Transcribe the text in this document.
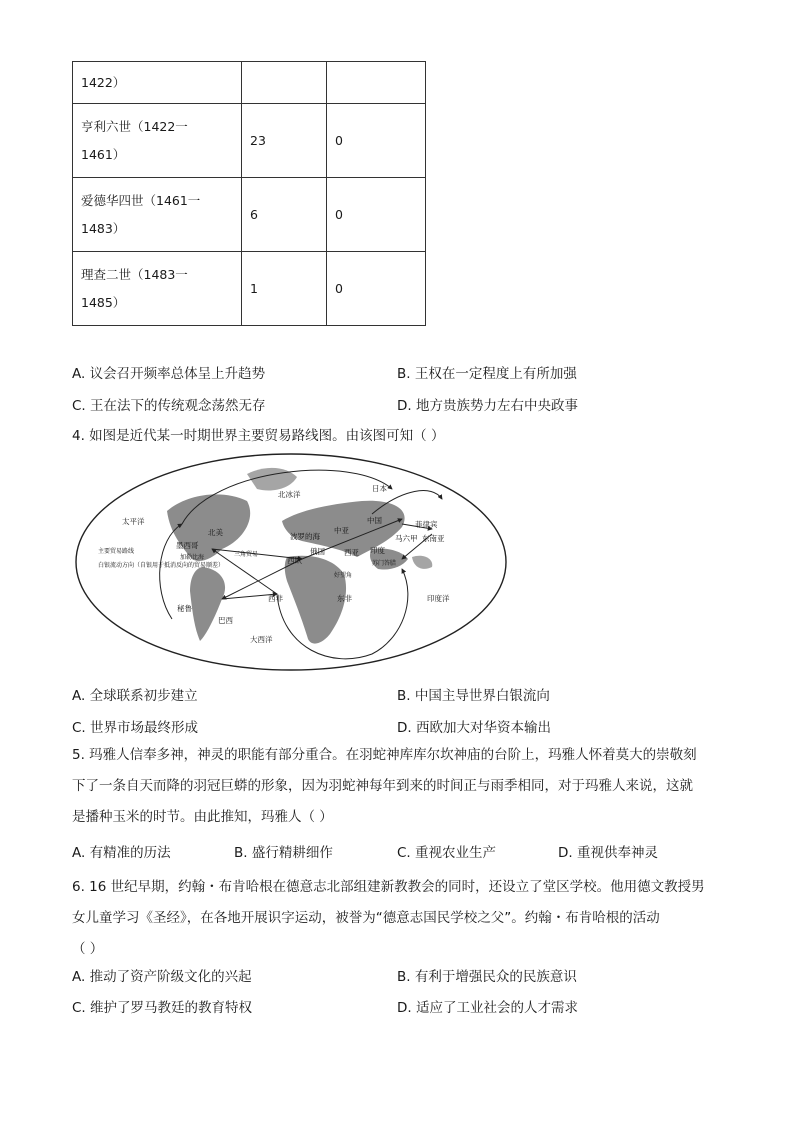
1422）		

亨利六世（1422一
1461）	23	0

爱德华四世（1461一
1483）	6	0

理查二世（1483一
1485）	1	0
A. 议会召开频率总体呈上升趋势	B. 王权在一定程度上有所加强
C. 王在法下的传统观念荡然无存	D. 地方贵族势力左右中央政事
4. 如图是近代某一时期世界主要贸易路线图。由该图可知（ ）
太平洋
北冰洋
日本
中国	菲律宾
马六甲 东南亚
中亚
西亚 印度
苏门答腊
波罗的海
俄国
西欧
北美
墨西哥
加勒比海	三角贸易
西非	东非
好望角
秘鲁
巴西
大西洋
印度洋
主要贸易路线
白银流动方向（自银用于抵消反向的贸易顺差）
A. 全球联系初步建立	B. 中国主导世界白银流向
C. 世界市场最终形成	D. 西欧加大对华资本输出
5. 玛雅人信奉多神，神灵的职能有部分重合。在羽蛇神库库尔坎神庙的台阶上，玛雅人怀着莫大的崇敬刻
下了一条自天而降的羽冠巨蟒的形象，因为羽蛇神每年到来的时间正与雨季相同，对于玛雅人来说，这就
是播种玉米的时节。由此推知，玛雅人（ ）
A. 有精准的历法	B. 盛行精耕细作	C. 重视农业生产	D. 重视供奉神灵
6. 16 世纪早期，约翰・布肯哈根在德意志北部组建新教教会的同时，还设立了堂区学校。他用德文教授男
女儿童学习《圣经》，在各地开展识字运动，被誉为“德意志国民学校之父”。约翰・布肯哈根的活动
（ ）
A. 推动了资产阶级文化的兴起	B. 有利于增强民众的民族意识
C. 维护了罗马教廷的教育特权	D. 适应了工业社会的人才需求
